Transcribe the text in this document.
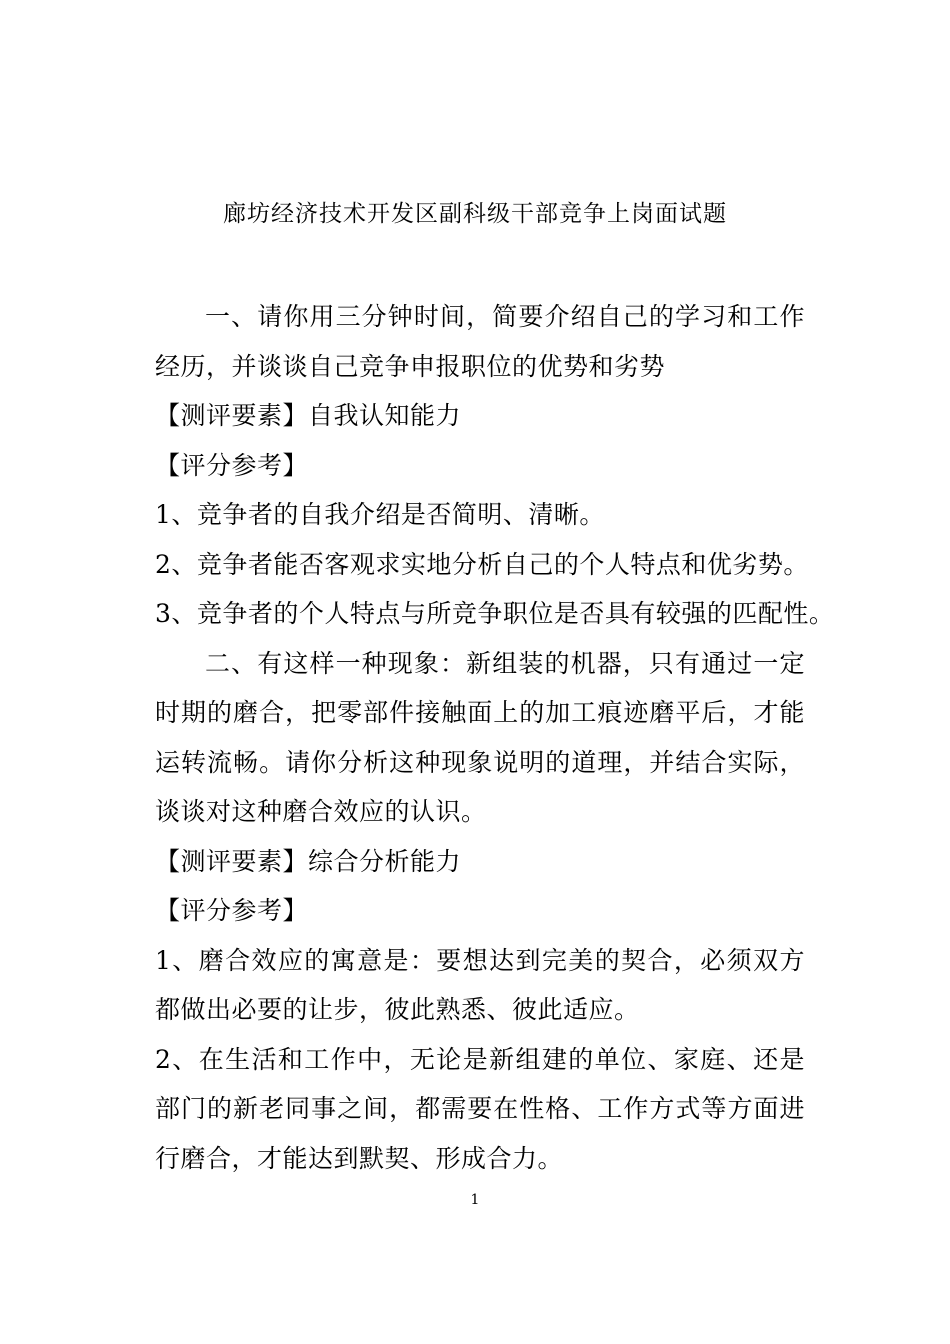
廊坊经济技术开发区副科级干部竞争上岗面试题

一、请你用三分钟时间，简要介绍自己的学习和工作经历，并谈谈自己竞争申报职位的优势和劣势

【测评要素】自我认知能力

【评分参考】

1、竞争者的自我介绍是否简明、清晰。

2、竞争者能否客观求实地分析自己的个人特点和优劣势。

3、竞争者的个人特点与所竞争职位是否具有较强的匹配性。

二、有这样一种现象：新组装的机器，只有通过一定时期的磨合，把零部件接触面上的加工痕迹磨平后，才能运转流畅。请你分析这种现象说明的道理，并结合实际，谈谈对这种磨合效应的认识。

【测评要素】综合分析能力

【评分参考】

1、磨合效应的寓意是：要想达到完美的契合，必须双方都做出必要的让步，彼此熟悉、彼此适应。

2、在生活和工作中，无论是新组建的单位、家庭、还是部门的新老同事之间，都需要在性格、工作方式等方面进行磨合，才能达到默契、形成合力。

1
